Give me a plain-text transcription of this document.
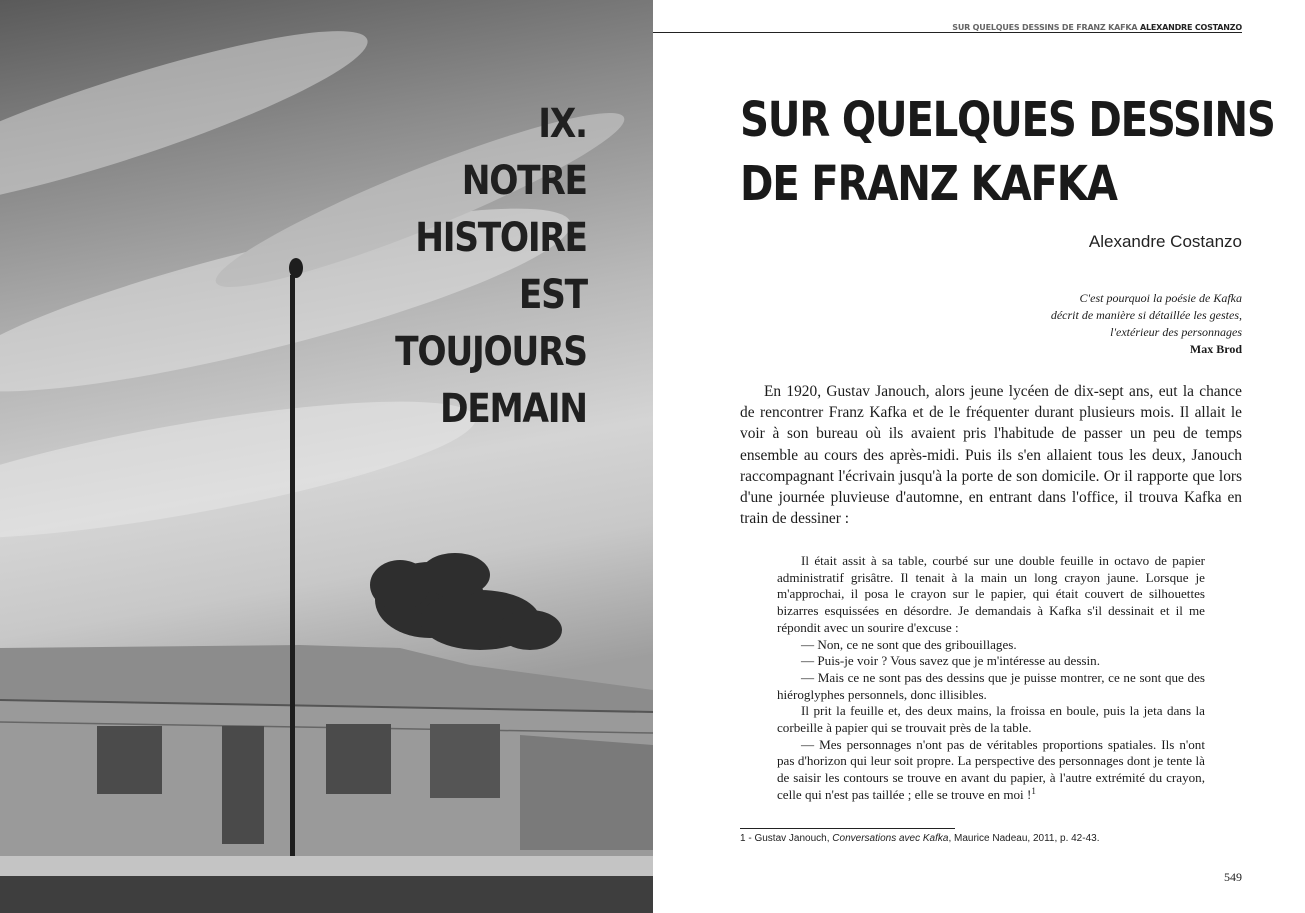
IX.
NOTRE
HISTOIRE
EST
TOUJOURS
DEMAIN

SUR QUELQUES DESSINS DE FRANZ KAFKA ALEXANDRE COSTANZO

SUR QUELQUES DESSINS
DE FRANZ KAFKA

Alexandre Costanzo

C'est pourquoi la poésie de Kafka
décrit de manière si détaillée les gestes,
l'extérieur des personnages
Max Brod

En 1920, Gustav Janouch, alors jeune lycéen de dix-sept ans, eut la chance de rencontrer Franz Kafka et de le fréquenter durant plusieurs mois. Il allait le voir à son bureau où ils avaient pris l'habitude de passer un peu de temps ensemble au cours des après-midi. Puis ils s'en allaient tous les deux, Janouch raccompagnant l'écrivain jusqu'à la porte de son domicile. Or il rapporte que lors d'une journée pluvieuse d'automne, en entrant dans l'office, il trouva Kafka en train de dessiner :

Il était assit à sa table, courbé sur une double feuille in octavo de papier administratif grisâtre. Il tenait à la main un long crayon jaune. Lorsque je m'approchai, il posa le crayon sur le papier, qui était couvert de silhouettes bizarres esquissées en désordre. Je demandais à Kafka s'il dessinait et il me répondit avec un sourire d'excuse :

— Non, ce ne sont que des gribouillages.

— Puis-je voir ? Vous savez que je m'intéresse au dessin.

— Mais ce ne sont pas des dessins que je puisse montrer, ce ne sont que des hiéroglyphes personnels, donc illisibles.

Il prit la feuille et, des deux mains, la froissa en boule, puis la jeta dans la corbeille à papier qui se trouvait près de la table.

— Mes personnages n'ont pas de véritables proportions spatiales. Ils n'ont pas d'horizon qui leur soit propre. La perspective des personnages dont je tente là de saisir les contours se trouve en avant du papier, à l'autre extrémité du crayon, celle qui n'est pas taillée ; elle se trouve en moi !$^1$

1 - Gustav Janouch, Conversations avec Kafka, Maurice Nadeau, 2011, p. 42-43.

549
